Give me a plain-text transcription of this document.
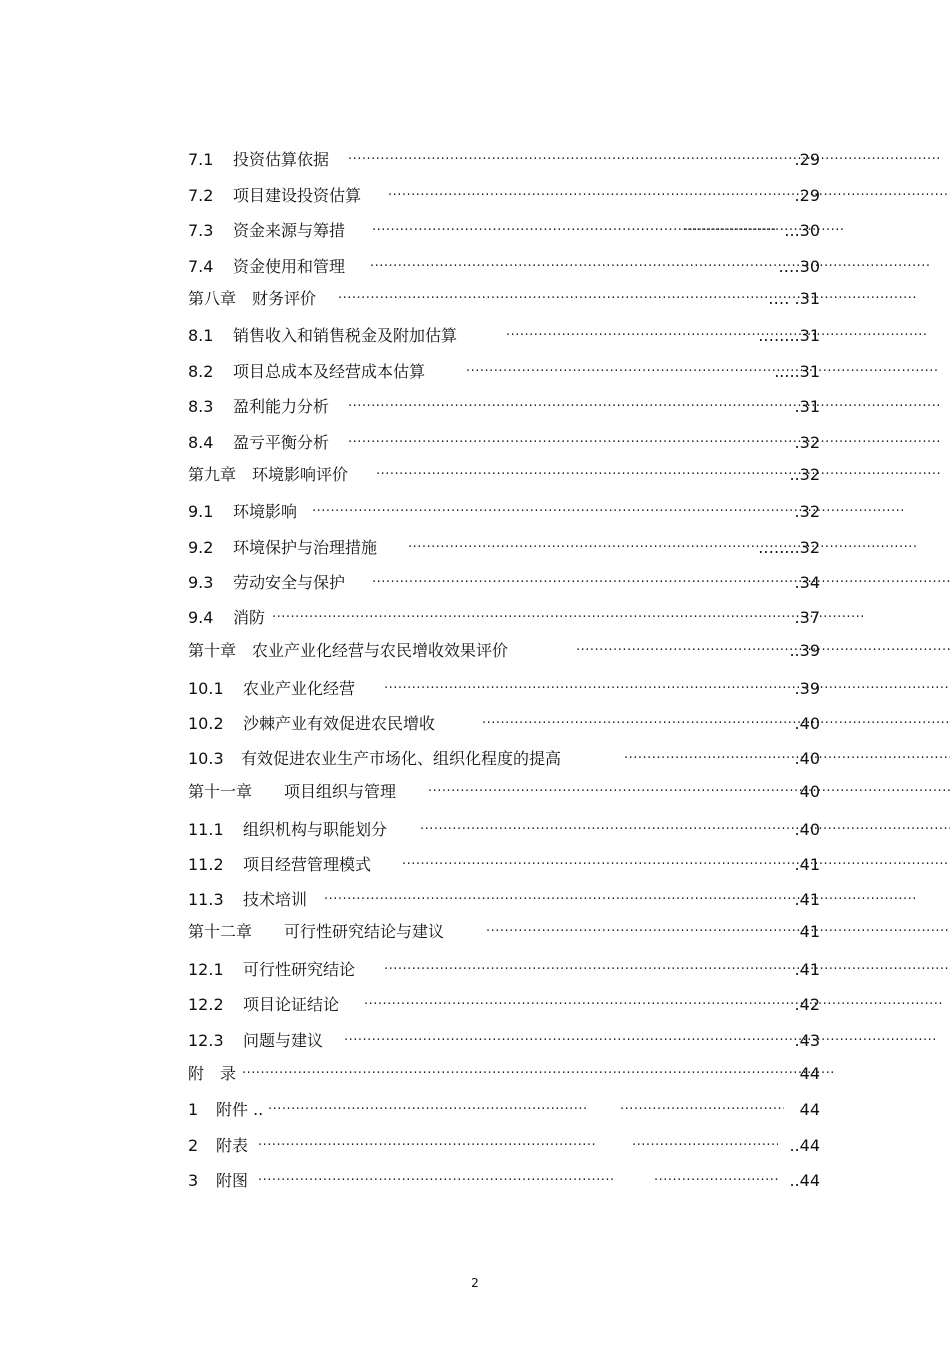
7.1 投资估算依据 ·····	.29
7.2 项目建设投资估算 ·····	.29
7.3 资金来源与筹措 ····· ·····	...30
7.4 资金使用和管理 ·····	.…30
第八章　财务评价 ·····	.… .31
8.1 销售收入和销售税金及附加估算 ·····	.…....31
8.2 项目总成本及经营成本估算 ·····	.....31
8.3 盈利能力分析 ·····	.31
8.4 盈亏平衡分析 ·····	.32
第九章　环境影响评价 ·····	..32
9.1 环境影响 ·····	.32
9.2 环境保护与治理措施 ·····	.…....32
9.3 劳动安全与保护 ·····	.34
9.4 消防 ·····	.37
第十章　农业产业化经营与农民增收效果评价 ·····	..39
10.1 农业产业化经营 ·····	.39
10.2 沙棘产业有效促进农民增收 ·····	.40
10.3 有效促进农业生产市场化、组织化程度的提高 ·····	.40
第十一章　　项目组织与管理 ·····	40
11.1 组织机构与职能划分 ·····	.40
11.2 项目经营管理模式 ·····	.41
11.3 技术培训 ·····	.41
第十二章　　可行性研究结论与建议 ·····	41
12.1 可行性研究结论 ·····	.41
12.2 项目论证结论 ·····	.42
12.3 问题与建议 ·····	.43
附　录 ·····	44
1 附件 .. ····· ·····	44
2 附表 ····· ·····	..44
3 附图 ····· ·····	..44
2
